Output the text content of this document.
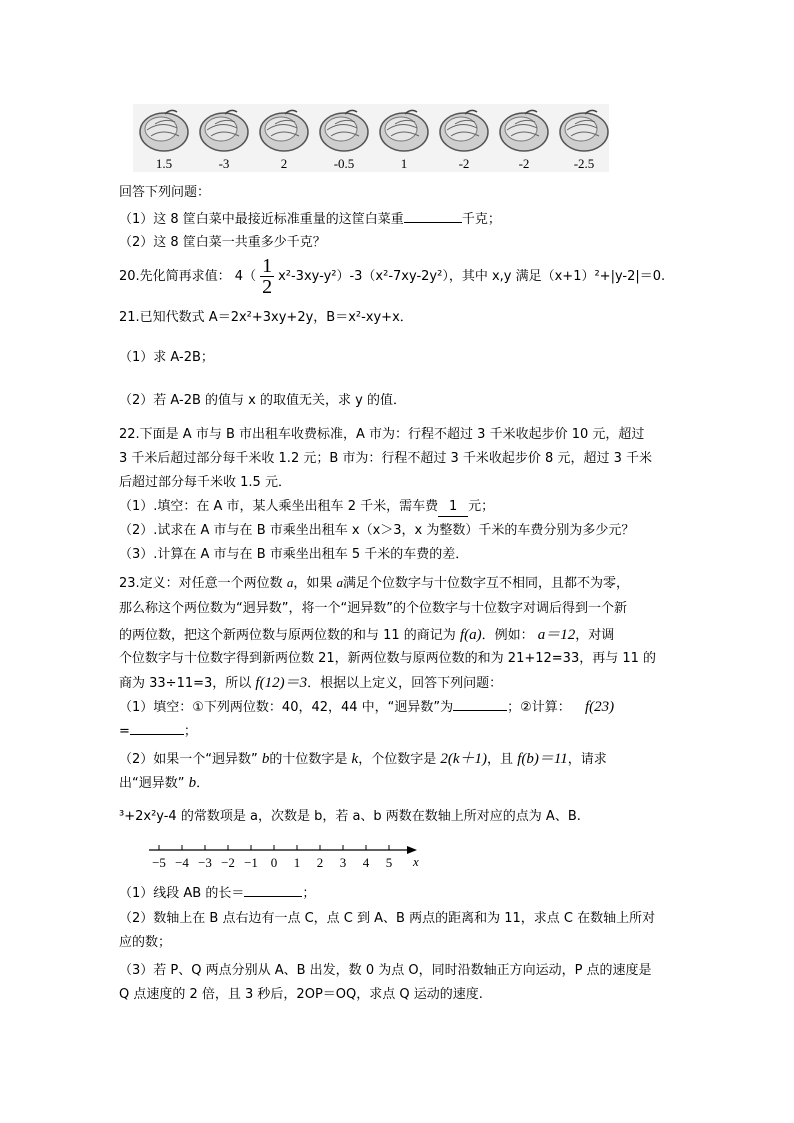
1.5	-3	2	-0.5	1	-2	-2	-2.5
回答下列问题：
（1）这 8 筐白菜中最接近标准重量的这筐白菜重	千克；
（2）这 8 筐白菜一共重多少千克？
20.先化简再求值： $4( \frac{1}{2} x^2-3xy-y^2)-3(x^2-7xy-2y^2)$，其中 x,y 满足（x+1）²+|y-2|＝0.
21.已知代数式 A＝2x²+3xy+2y，B＝x²-xy+x．
（1）求 A-2B；
（2）若 A-2B 的值与 x 的取值无关，求 y 的值．
22.下面是 A 市与 B 市出租车收费标准，A 市为：行程不超过 3 千米收起步价 10 元，超过
3 千米后超过部分每千米收 1.2 元；B 市为：行程不超过 3 千米收起步价 8 元，超过 3 千米
后超过部分每千米收 1.5 元．
（1）.填空：在 A 市，某人乘坐出租车 2 千米，需车费 1 元；
（2）.试求在 A 市与在 B 市乘坐出租车 x（x＞3，x 为整数）千米的车费分别为多少元？
（3）.计算在 A 市与在 B 市乘坐出租车 5 千米的车费的差．
23.定义：对任意一个两位数 a，如果 a满足个位数字与十位数字互不相同，且都不为零，
那么称这个两位数为“迥异数”，将一个“迥异数”的个位数字与十位数字对调后得到一个新
的两位数，把这个新两位数与原两位数的和与 11 的商记为 f(a)．例如： a＝12，对调
个位数字与十位数字得到新两位数 21，新两位数与原两位数的和为 21+12=33，再与 11 的
商为 33÷11=3，所以 f(12)＝3．根据以上定义，回答下列问题：
（1）填空：①下列两位数：40，42，44 中，“迥异数”为	；②计算： f(23)
=	；
（2）如果一个“迥异数” b的十位数字是 k，个位数字是 2(k＋1)，且 f(b)＝11，请求
出“迥异数” b．
³+2x²y-4 的常数项是 a，次数是 b，若 a、b 两数在数轴上所对应的点为 A、B.
−5 −4 −3 −2 −1 0 1 2 3 4 5 x
（1）线段 AB 的长＝	；
（2）数轴上在 B 点右边有一点 C，点 C 到 A、B 两点的距离和为 11，求点 C 在数轴上所对
应的数；
（3）若 P、Q 两点分别从 A、B 出发，数 0 为点 O，同时沿数轴正方向运动，P 点的速度是
Q 点速度的 2 倍，且 3 秒后，2OP＝OQ，求点 Q 运动的速度.
